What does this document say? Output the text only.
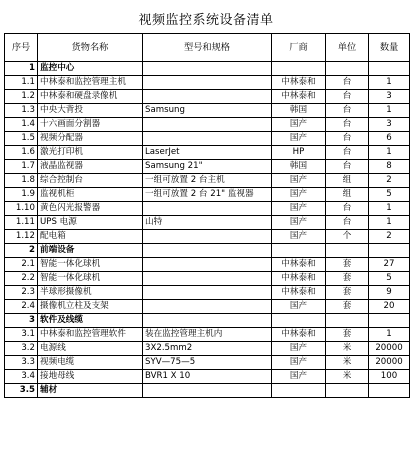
视频监控系统设备清单
序号	货物名称	型号和规格	厂商	单位	数量
1	监控中心				
1.1	中林泰和监控管理主机		中林泰和	台	1
1.2	中林泰和硬盘录像机		中林泰和	台	3
1.3	中央大背投	Samsung	韩国	台	1
1.4	十六画面分割器		国产	台	3
1.5	视频分配器		国产	台	6
1.6	激光打印机	LaserJet	HP	台	1
1.7	液晶监视器	Samsung 21"	韩国	台	8
1.8	综合控制台	一组可放置 2 台主机	国产	组	2
1.9	监视机柜	一组可放置 2 台 21" 监视器	国产	组	5
1.10	黄色闪光报警器		国产	台	1
1.11	UPS 电源	山特	国产	台	1
1.12	配电箱		国产	个	2
2	前端设备				
2.1	智能一体化球机		中林泰和	套	27
2.2	智能一体化球机		中林泰和	套	5
2.3	半球形摄像机		中林泰和	套	9
2.4	摄像机立柱及支架		国产	套	20
3	软件及线缆				
3.1	中林泰和监控管理软件	装在监控管理主机内	中林泰和	套	1
3.2	电源线	3X2.5mm2	国产	米	20000
3.3	视频电缆	SYV—75—5	国产	米	20000
3.4	接地母线	BVR1 X 10	国产	米	100
3.5	辅材				
